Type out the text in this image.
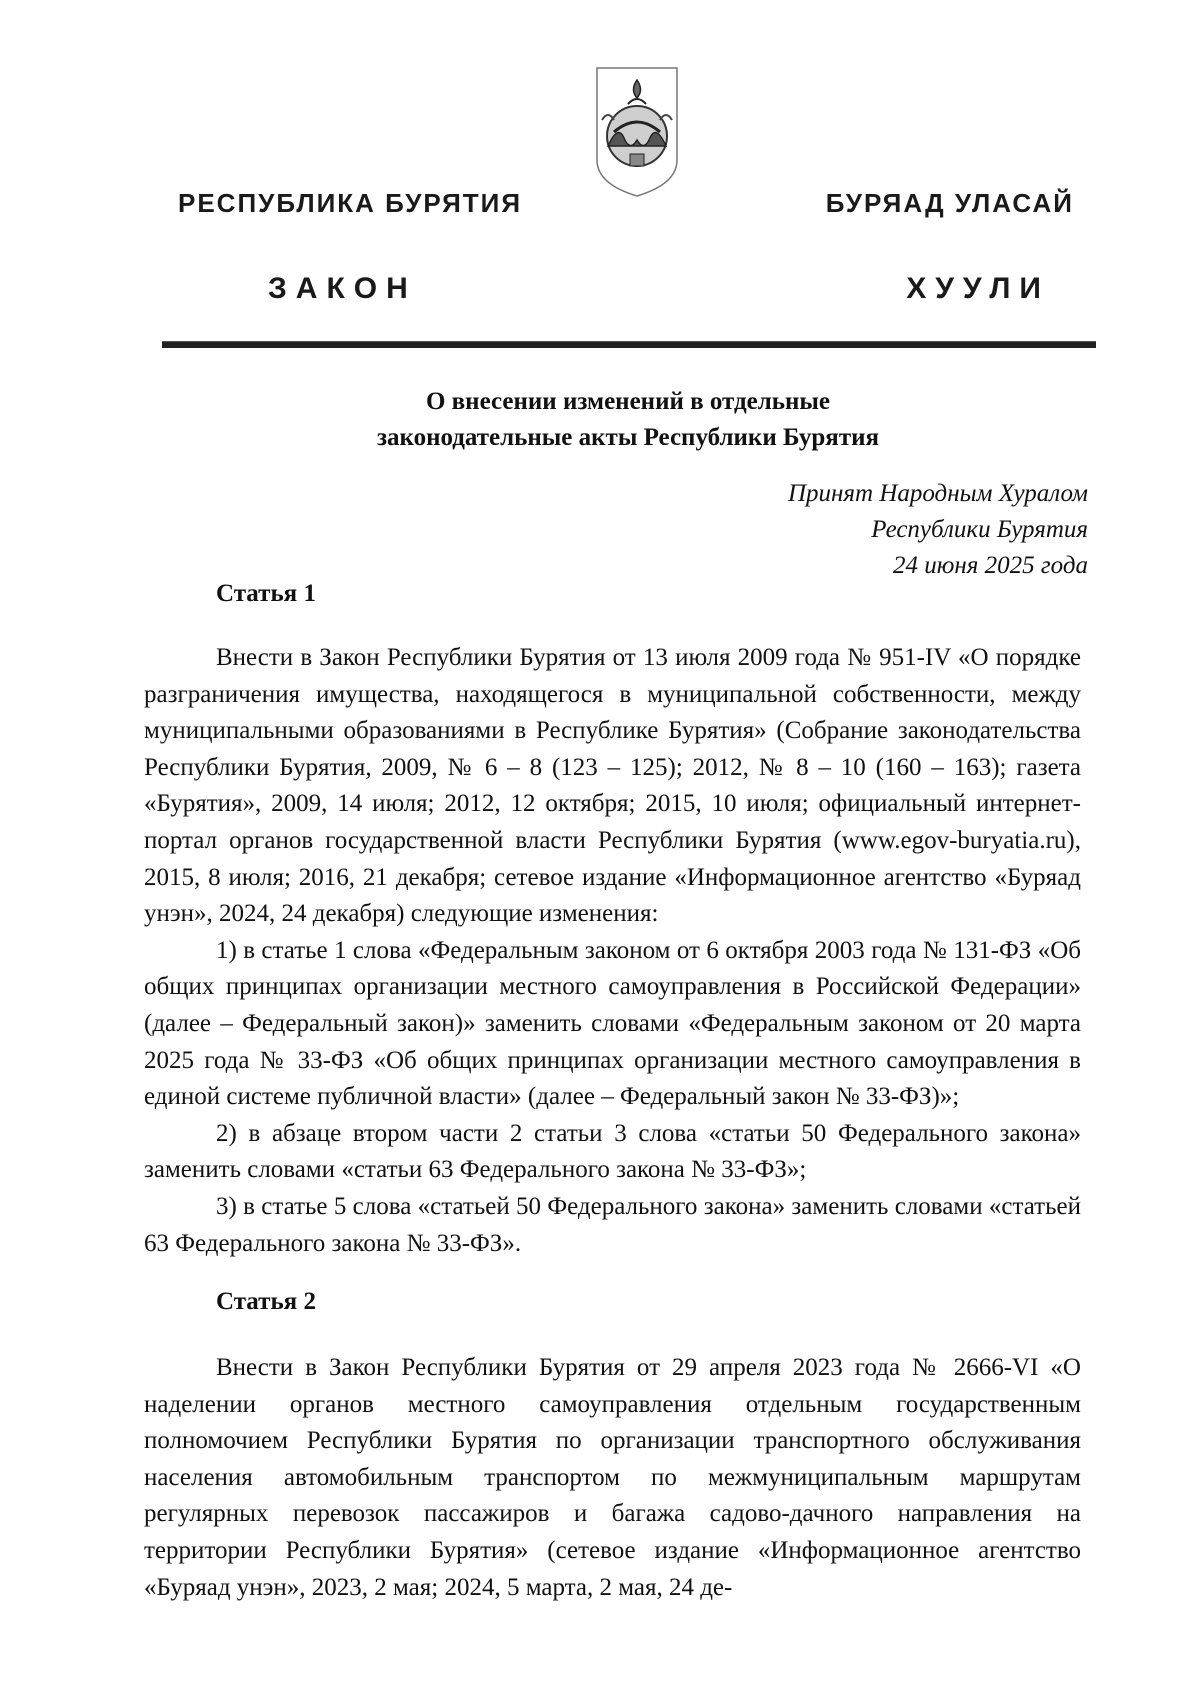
РЕСПУБЛИКА БУРЯТИЯ	БУРЯАД УЛАСАЙ
ЗАКОН	ХУУЛИ
О внесении изменений в отдельные
законодательные акты Республики Бурятия
Принят Народным Хуралом
Республики Бурятия
24 июня 2025 года
Статья 1

Внести в Закон Республики Бурятия от 13 июля 2009 года № 951-IV «О порядке разграничения имущества, находящегося в муниципальной собственности, между муниципальными образованиями в Республике Бурятия» (Собрание законодательства Республики Бурятия, 2009, № 6 – 8 (123 – 125); 2012, № 8 – 10 (160 – 163); газета «Бурятия», 2009, 14 июля; 2012, 12 октября; 2015, 10 июля; официальный интернет-портал органов государственной власти Республики Бурятия (www.egov-buryatia.ru), 2015, 8 июля; 2016, 21 декабря; сетевое издание «Информационное агентство «Буряад унэн», 2024, 24 декабря) следующие изменения:

1) в статье 1 слова «Федеральным законом от 6 октября 2003 года № 131-ФЗ «Об общих принципах организации местного самоуправления в Российской Федерации» (далее – Федеральный закон)» заменить словами «Федеральным законом от 20 марта 2025 года № 33-ФЗ «Об общих принципах организации местного самоуправления в единой системе публичной власти» (далее – Федеральный закон № 33-ФЗ)»;

2) в абзаце втором части 2 статьи 3 слова «статьи 50 Федерального закона» заменить словами «статьи 63 Федерального закона № 33-ФЗ»;

3) в статье 5 слова «статьей 50 Федерального закона» заменить словами «статьей 63 Федерального закона № 33-ФЗ».

Статья 2

Внести в Закон Республики Бурятия от 29 апреля 2023 года № 2666-VI «О наделении органов местного самоуправления отдельным государственным полномочием Республики Бурятия по организации транспортного обслуживания населения автомобильным транспортом по межмуниципальным маршрутам регулярных перевозок пассажиров и багажа садово-дачного направления на территории Республики Бурятия» (сетевое издание «Информационное агентство «Буряад унэн», 2023, 2 мая; 2024, 5 марта, 2 мая, 24 де-
